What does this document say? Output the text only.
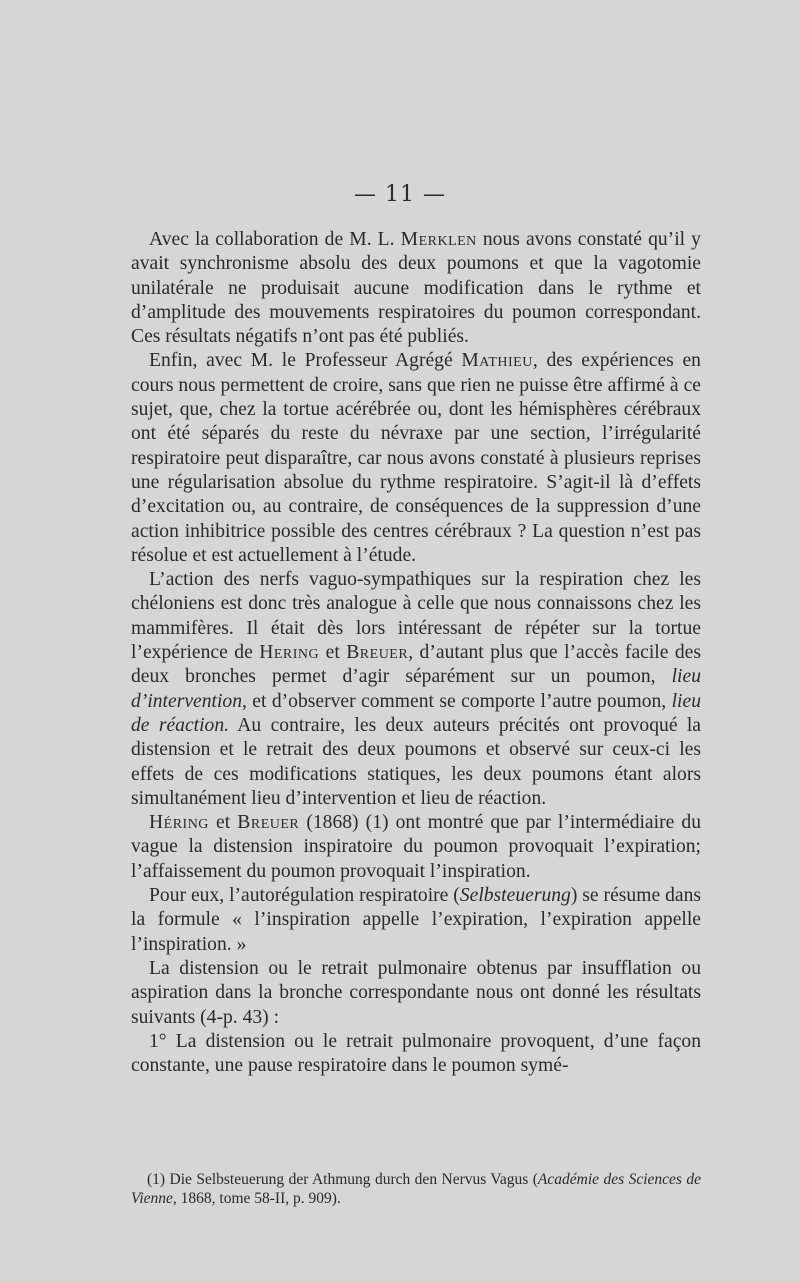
— 11 —

Avec la collaboration de M. L. Merklen nous avons constaté qu’il y avait synchronisme absolu des deux poumons et que la vagotomie unilatérale ne produisait aucune modification dans le rythme et d’amplitude des mouvements respiratoires du poumon correspondant. Ces résultats négatifs n’ont pas été publiés.

Enfin, avec M. le Professeur Agrégé Mathieu, des expériences en cours nous permettent de croire, sans que rien ne puisse être affirmé à ce sujet, que, chez la tortue acérébrée ou, dont les hémisphères cérébraux ont été séparés du reste du névraxe par une section, l’irrégularité respiratoire peut disparaître, car nous avons constaté à plusieurs reprises une régularisation absolue du rythme respiratoire. S’agit-il là d’effets d’excitation ou, au contraire, de conséquences de la suppression d’une action inhibitrice possible des centres cérébraux ? La question n’est pas résolue et est actuellement à l’étude.

L’action des nerfs vaguo-sympathiques sur la respiration chez les chéloniens est donc très analogue à celle que nous connaissons chez les mammifères. Il était dès lors intéressant de répéter sur la tortue l’expérience de Hering et Breuer, d’autant plus que l’accès facile des deux bronches permet d’agir séparément sur un poumon, lieu d’intervention, et d’observer comment se comporte l’autre poumon, lieu de réaction. Au contraire, les deux auteurs précités ont provoqué la distension et le retrait des deux poumons et observé sur ceux-ci les effets de ces modifications statiques, les deux poumons étant alors simultanément lieu d’intervention et lieu de réaction.

Héring et Breuer (1868) (1) ont montré que par l’intermédiaire du vague la distension inspiratoire du poumon provoquait l’expiration; l’affaissement du poumon provoquait l’inspiration.

Pour eux, l’autorégulation respiratoire (Selbsteuerung) se résume dans la formule « l’inspiration appelle l’expiration, l’expiration appelle l’inspiration. »

La distension ou le retrait pulmonaire obtenus par insufflation ou aspiration dans la bronche correspondante nous ont donné les résultats suivants (4-p. 43) :

1° La distension ou le retrait pulmonaire provoquent, d’une façon constante, une pause respiratoire dans le poumon symé-

(1) Die Selbsteuerung der Athmung durch den Nervus Vagus (Académie des Sciences de Vienne, 1868, tome 58-II, p. 909).
